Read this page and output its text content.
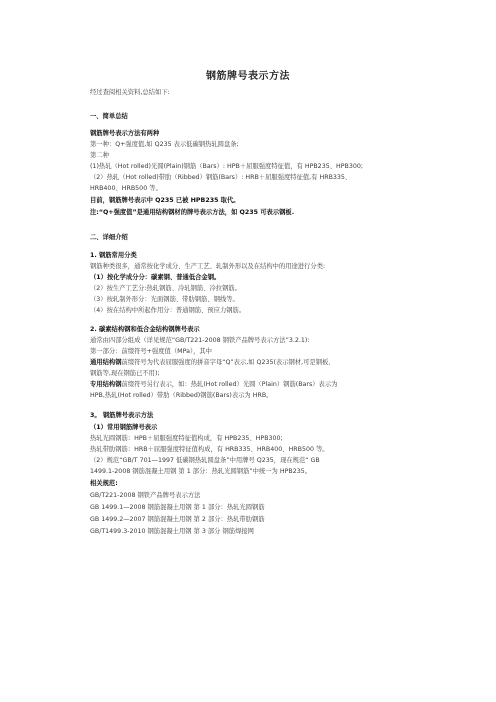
钢筋牌号表示方法
经过查阅相关资料,总结如下:
一、简单总结
钢筋牌号表示方法有两种
第一种：Q+强度值,如 Q235 表示低碳钢热轧圆盘条;
第二种
(1)热轧（Hot rolled)光圆(Plain)钢筋（Bars）: HPB＋屈服强度特征值，有 HPB235、HPB300;
（2）热轧（Hot rolled)带肋（Ribbed）钢筋(Bars）: HRB＋屈服强度特征值,有 HRB335、
HRB400、HRB500 等。
目前，钢筋牌号表示中 Q235 已被 HPB235 取代。
注:“Q+强度值”是通用结构钢材的牌号表示方法，如 Q235 可表示钢板.
二、详细介绍
1. 钢筋常用分类
钢筋种类很多，通常按化学成分、生产工艺、轧制外形以及在结构中的用途进行分类:
（1）按化学成分分：碳素钢、普通低合金钢。
（2）按生产工艺分:热轧钢筋、冷轧钢筋、冷拉钢筋。
（3）按轧制外形分：光面钢筋、带肋钢筋、钢线等。
（4）按在结构中所起作用分：普通钢筋、预应力钢筋。
2. 碳素结构钢和低合金结构钢牌号表示
通常由四部分组成（详见规范“GB/T221-2008 钢铁产品牌号表示方法”3.2.1):
第一部分：前缀符号+强度值（MPa），其中
通用结构钢前缀符号为代表屈服强度的拼音字母“Q”表示,如 Q235(表示钢材,可是钢板、
钢筋等,现在钢筋已不用);
专用结构钢前缀符号另行表示，如：热轧(Hot rolled）光圆（Plain）钢筋(Bars）表示为
HPB,热轧(Hot rolled）带肋（Ribbed)钢筋(Bars)表示为 HRB。
3。 钢筋牌号表示方法
（1）常用钢筋牌号表示
热轧光圆钢筋：HPB＋屈服强度特征值构成，有 HPB235、HPB300;
热轧带肋钢筋：HRB＋屈服强度特征值构成，有 HRB335、HRB400、HRB500 等。
（2）规范“GB/T 701—1997 低碳钢热轧圆盘条”中用牌号 Q235，现在规范“ GB
1499.1-2008 钢筋混凝土用钢 第 1 部分：热轧光圆钢筋”中统一为 HPB235。
相关规范:
GB/T221-2008 钢铁产品牌号表示方法
GB 1499.1—2008 钢筋混凝土用钢 第 1 部分：热轧光圆钢筋
GB 1499.2—2007 钢筋混凝土用钢 第 2 部分：热轧带肋钢筋
GB/T1499.3-2010 钢筋混凝土用钢 第 3 部分 钢筋焊接网
